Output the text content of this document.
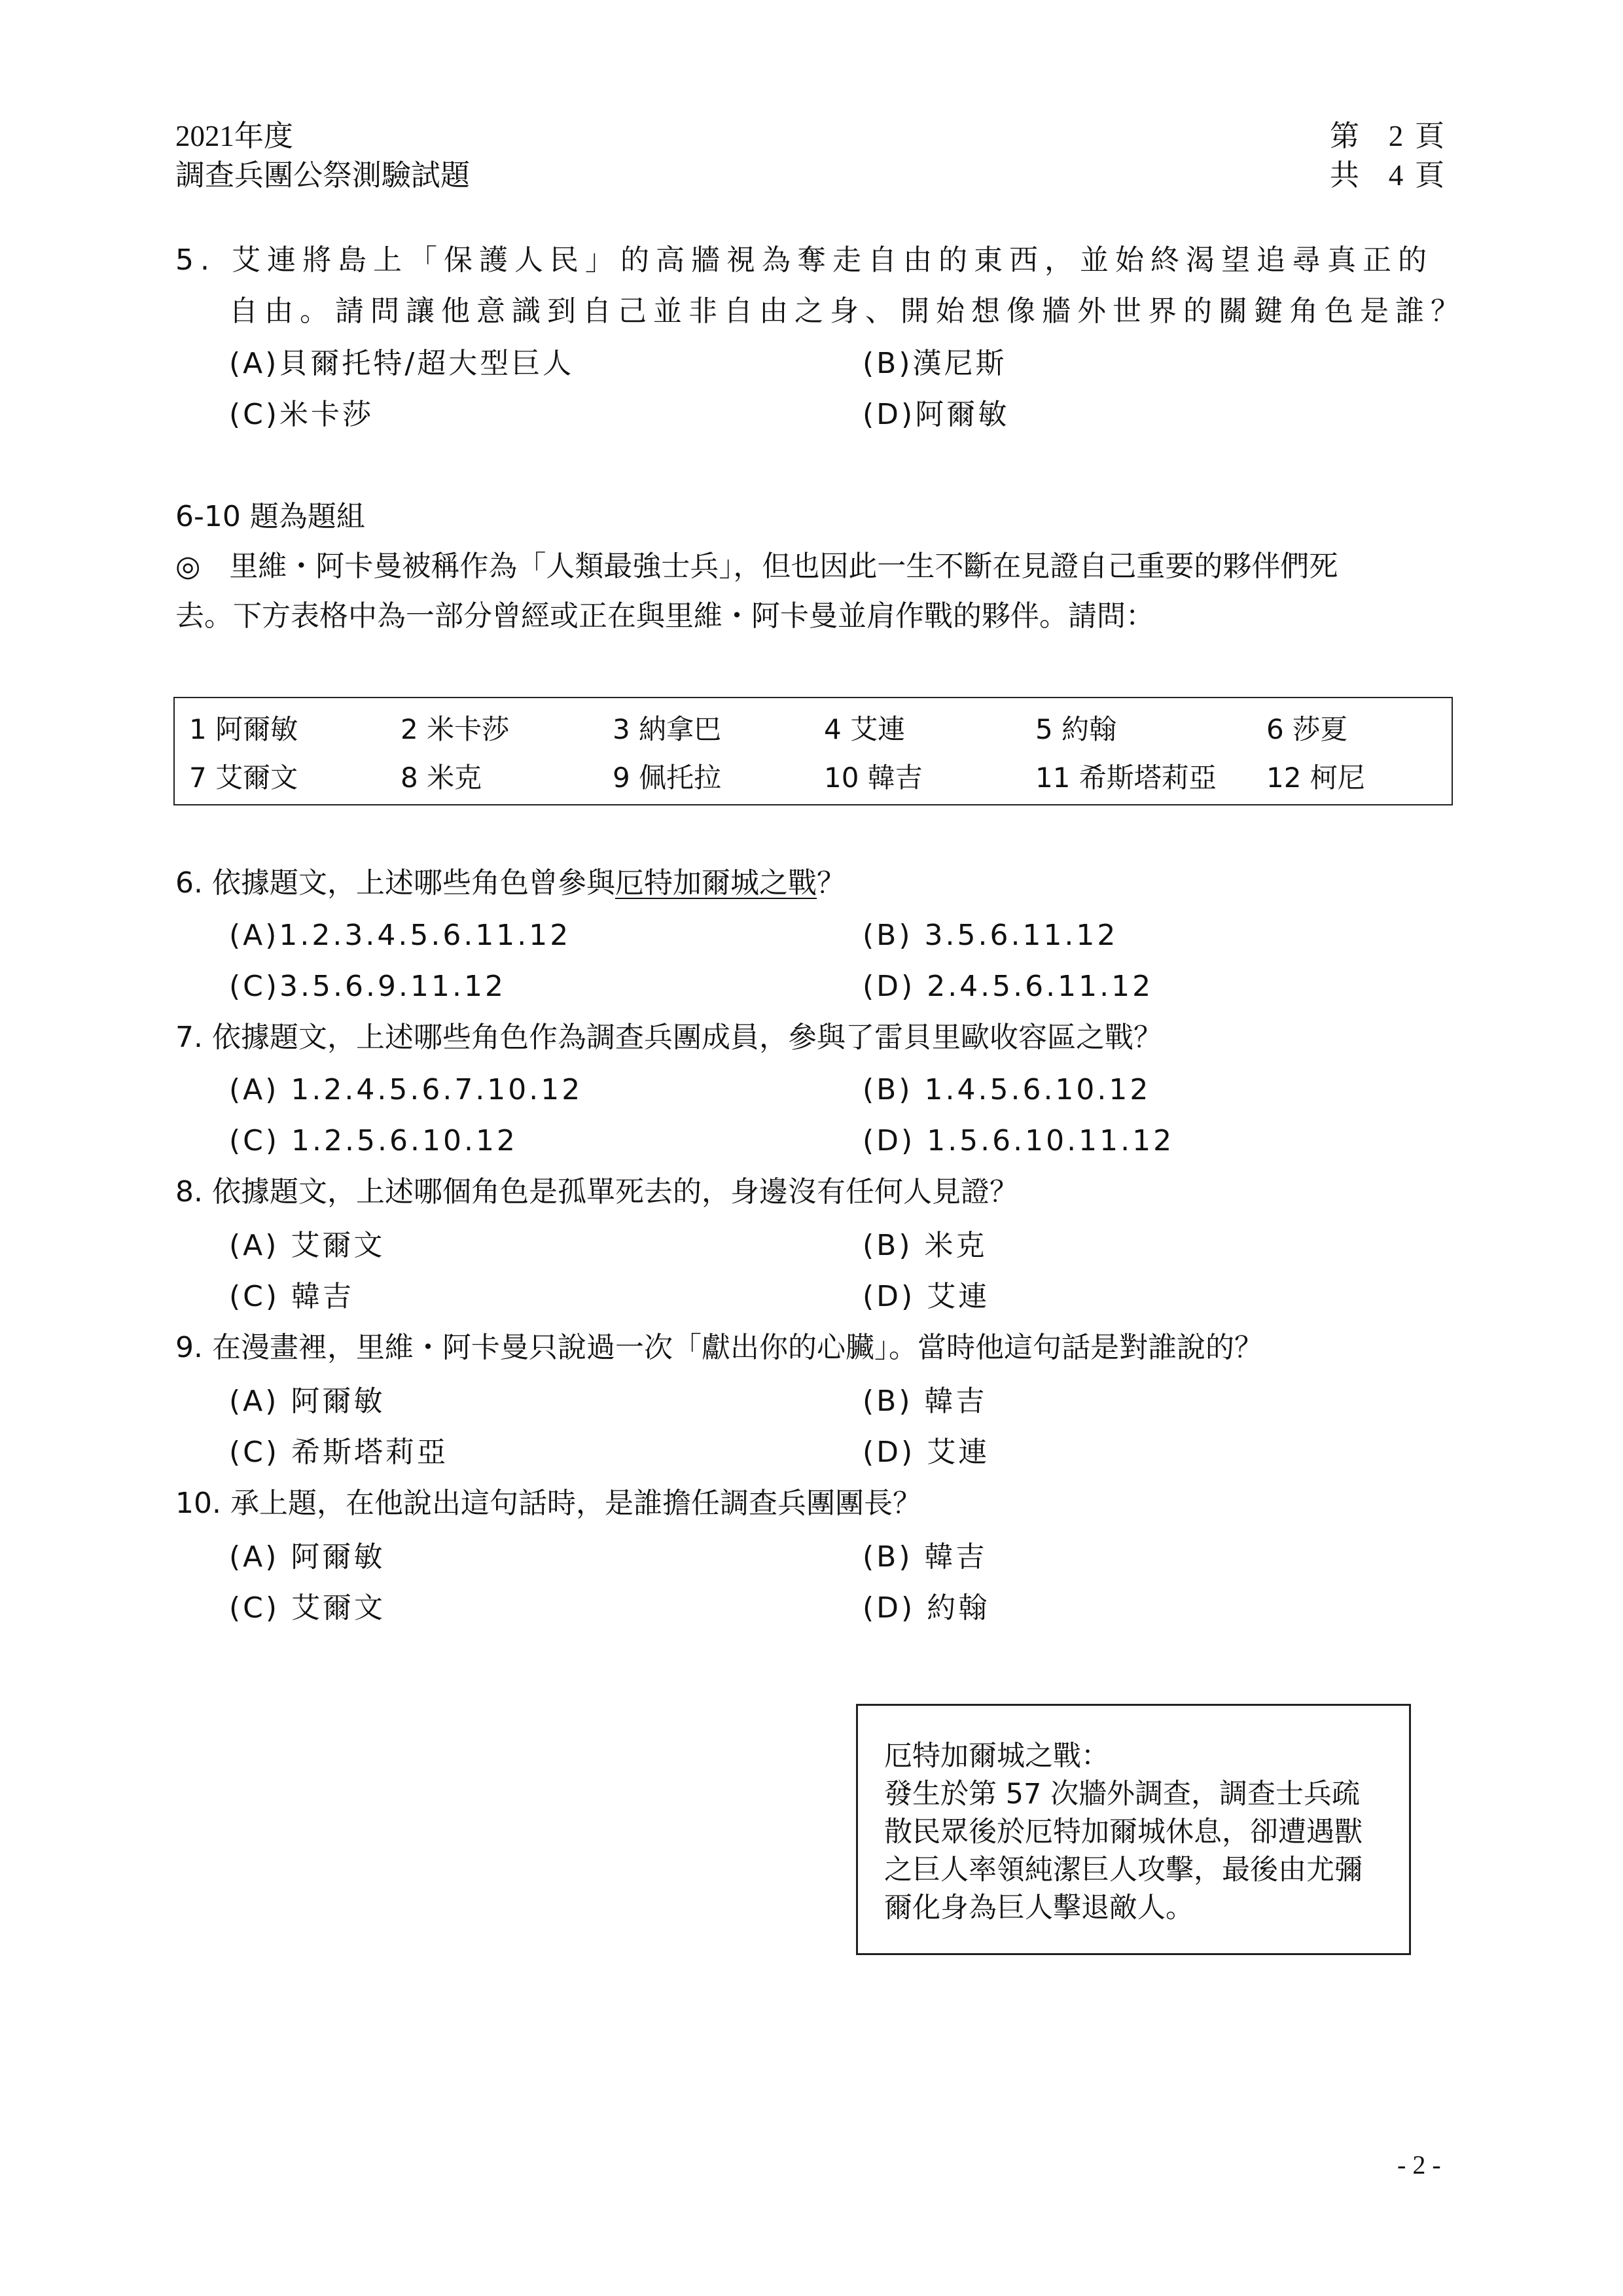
2021年度
調查兵團公祭測驗試題
第 2 頁
共 4 頁
5. 艾連將島上「保護人民」的高牆視為奪走自由的東西，並始終渴望追尋真正的
自由。請問讓他意識到自己並非自由之身、開始想像牆外世界的關鍵角色是誰？
(A)貝爾托特/超大型巨人	(B)漢尼斯
(C)米卡莎	(D)阿爾敏
6-10 題為題組
◎　里維・阿卡曼被稱作為「人類最強士兵」，但也因此一生不斷在見證自己重要的夥伴們死
去。下方表格中為一部分曾經或正在與里維・阿卡曼並肩作戰的夥伴。請問：
1 阿爾敏	2 米卡莎	3 納拿巴	4 艾連	5 約翰	6 莎夏
7 艾爾文	8 米克	9 佩托拉	10 韓吉	11 希斯塔莉亞 12 柯尼
6. 依據題文，上述哪些角色曾參與厄特加爾城之戰？
(A)1.2.3.4.5.6.11.12	(B) 3.5.6.11.12
(C)3.5.6.9.11.12	(D) 2.4.5.6.11.12
7. 依據題文，上述哪些角色作為調查兵團成員，參與了雷貝里歐收容區之戰？
(A) 1.2.4.5.6.7.10.12	(B) 1.4.5.6.10.12
(C) 1.2.5.6.10.12	(D) 1.5.6.10.11.12
8. 依據題文，上述哪個角色是孤單死去的，身邊沒有任何人見證？
(A) 艾爾文	(B) 米克
(C) 韓吉	(D) 艾連
9. 在漫畫裡，里維・阿卡曼只說過一次「獻出你的心臟」。當時他這句話是對誰說的？
(A) 阿爾敏	(B) 韓吉
(C) 希斯塔莉亞	(D) 艾連
10. 承上題，在他說出這句話時，是誰擔任調查兵團團長？
(A) 阿爾敏	(B) 韓吉
(C) 艾爾文	(D) 約翰
厄特加爾城之戰：
發生於第 57 次牆外調查，調查士兵疏
散民眾後於厄特加爾城休息，卻遭遇獸
之巨人率領純潔巨人攻擊，最後由尤彌
爾化身為巨人擊退敵人。
- 2 -
